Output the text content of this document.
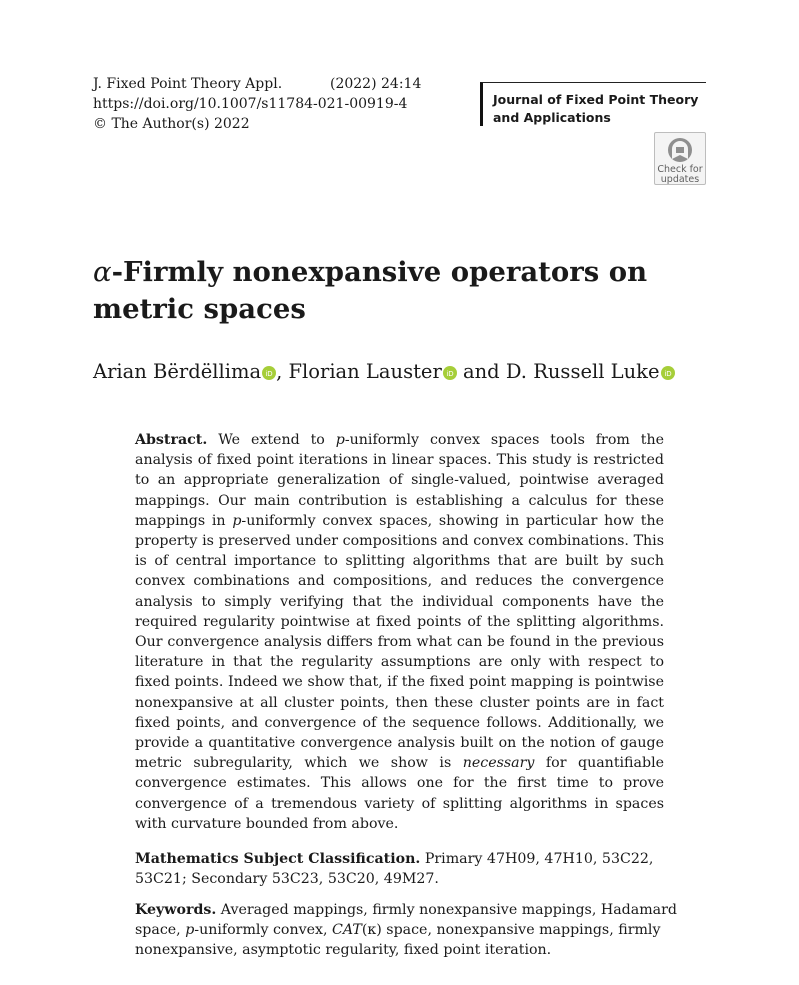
J. Fixed Point Theory Appl.	(2022) 24:14
https://doi.org/10.1007/s11784-021-00919-4
© The Author(s) 2022
Journal of Fixed Point Theory
and Applications
Check for
updates
α-Firmly nonexpansive operators on metric spaces
Arian Bërdëllima iD , Florian Lauster iD and D. Russell Luke iD

Abstract. We extend to p-uniformly convex spaces tools from the analysis of fixed point iterations in linear spaces. This study is restricted to an appropriate generalization of single-valued, pointwise averaged mappings. Our main contribution is establishing a calculus for these mappings in p-uniformly convex spaces, showing in particular how the property is preserved under compositions and convex combinations. This is of central importance to splitting algorithms that are built by such convex combinations and compositions, and reduces the convergence analysis to simply verifying that the individual components have the required regularity pointwise at fixed points of the splitting algorithms. Our convergence analysis differs from what can be found in the previous literature in that the regularity assumptions are only with respect to fixed points. Indeed we show that, if the fixed point mapping is pointwise nonexpansive at all cluster points, then these cluster points are in fact fixed points, and convergence of the sequence follows. Additionally, we provide a quantitative convergence analysis built on the notion of gauge metric subregularity, which we show is necessary for quantifiable convergence estimates. This allows one for the first time to prove convergence of a tremendous variety of splitting algorithms in spaces with curvature bounded from above.

Mathematics Subject Classification. Primary 47H09, 47H10, 53C22, 53C21; Secondary 53C23, 53C20, 49M27.

Keywords. Averaged mappings, firmly nonexpansive mappings, Hadamard space, p-uniformly convex, CAT(κ) space, nonexpansive mappings, firmly nonexpansive, asymptotic regularity, fixed point iteration.
